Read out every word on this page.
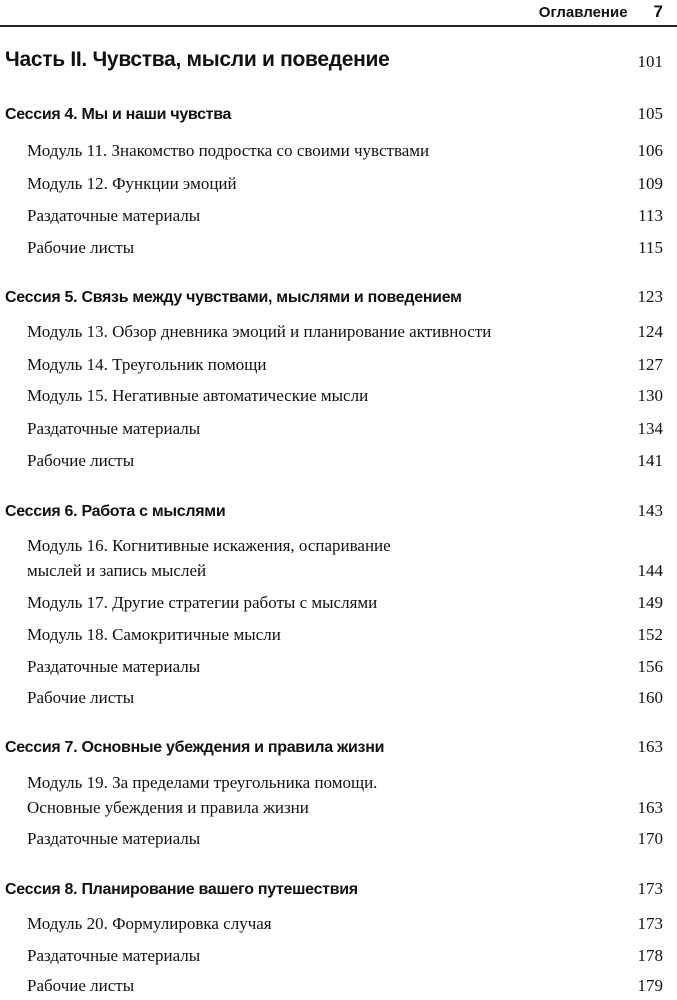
Оглавление 7
Часть II. Чувства, мысли и поведение	101
Сессия 4. Мы и наши чувства	105
Модуль 11. Знакомство подростка со своими чувствами	106
Модуль 12. Функции эмоций	109
Раздаточные материалы	113
Рабочие листы	115
Сессия 5. Связь между чувствами, мыслями и поведением	123
Модуль 13. Обзор дневника эмоций и планирование активности	124
Модуль 14. Треугольник помощи	127
Модуль 15. Негативные автоматические мысли	130
Раздаточные материалы	134
Рабочие листы	141
Сессия 6. Работа с мыслями	143
Модуль 16. Когнитивные искажения, оспаривание
мыслей и запись мыслей	144
Модуль 17. Другие стратегии работы с мыслями	149
Модуль 18. Самокритичные мысли	152
Раздаточные материалы	156
Рабочие листы	160
Сессия 7. Основные убеждения и правила жизни	163
Модуль 19. За пределами треугольника помощи.
Основные убеждения и правила жизни	163
Раздаточные материалы	170
Сессия 8. Планирование вашего путешествия	173
Модуль 20. Формулировка случая	173
Раздаточные материалы	178
Рабочие листы	179
